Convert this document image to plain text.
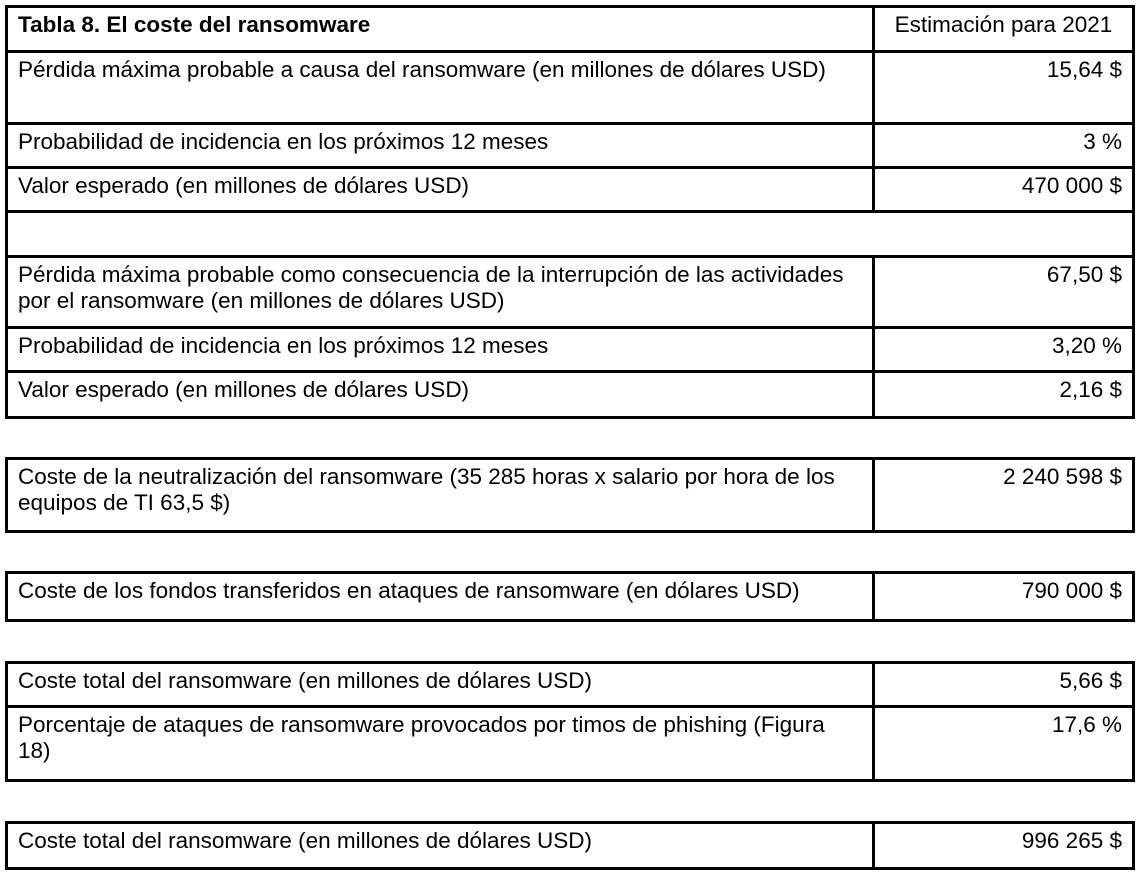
Tabla 8. El coste del ransomware	Estimación para 2021
Pérdida máxima probable a causa del ransomware (en millones de dólares USD)	15,64 $
Probabilidad de incidencia en los próximos 12 meses	3 %
Valor esperado (en millones de dólares USD)	470 000 $

Pérdida máxima probable como consecuencia de la interrupción de las actividades por el ransomware (en millones de dólares USD)	67,50 $
Probabilidad de incidencia en los próximos 12 meses	3,20 %
Valor esperado (en millones de dólares USD)	2,16 $
Coste de la neutralización del ransomware (35 285 horas x salario por hora de los equipos de TI 63,5 $)	2 240 598 $
Coste de los fondos transferidos en ataques de ransomware (en dólares USD)	790 000 $
Coste total del ransomware (en millones de dólares USD)	5,66 $
Porcentaje de ataques de ransomware provocados por timos de phishing (Figura 18)	17,6 %
Coste total del ransomware (en millones de dólares USD)	996 265 $
